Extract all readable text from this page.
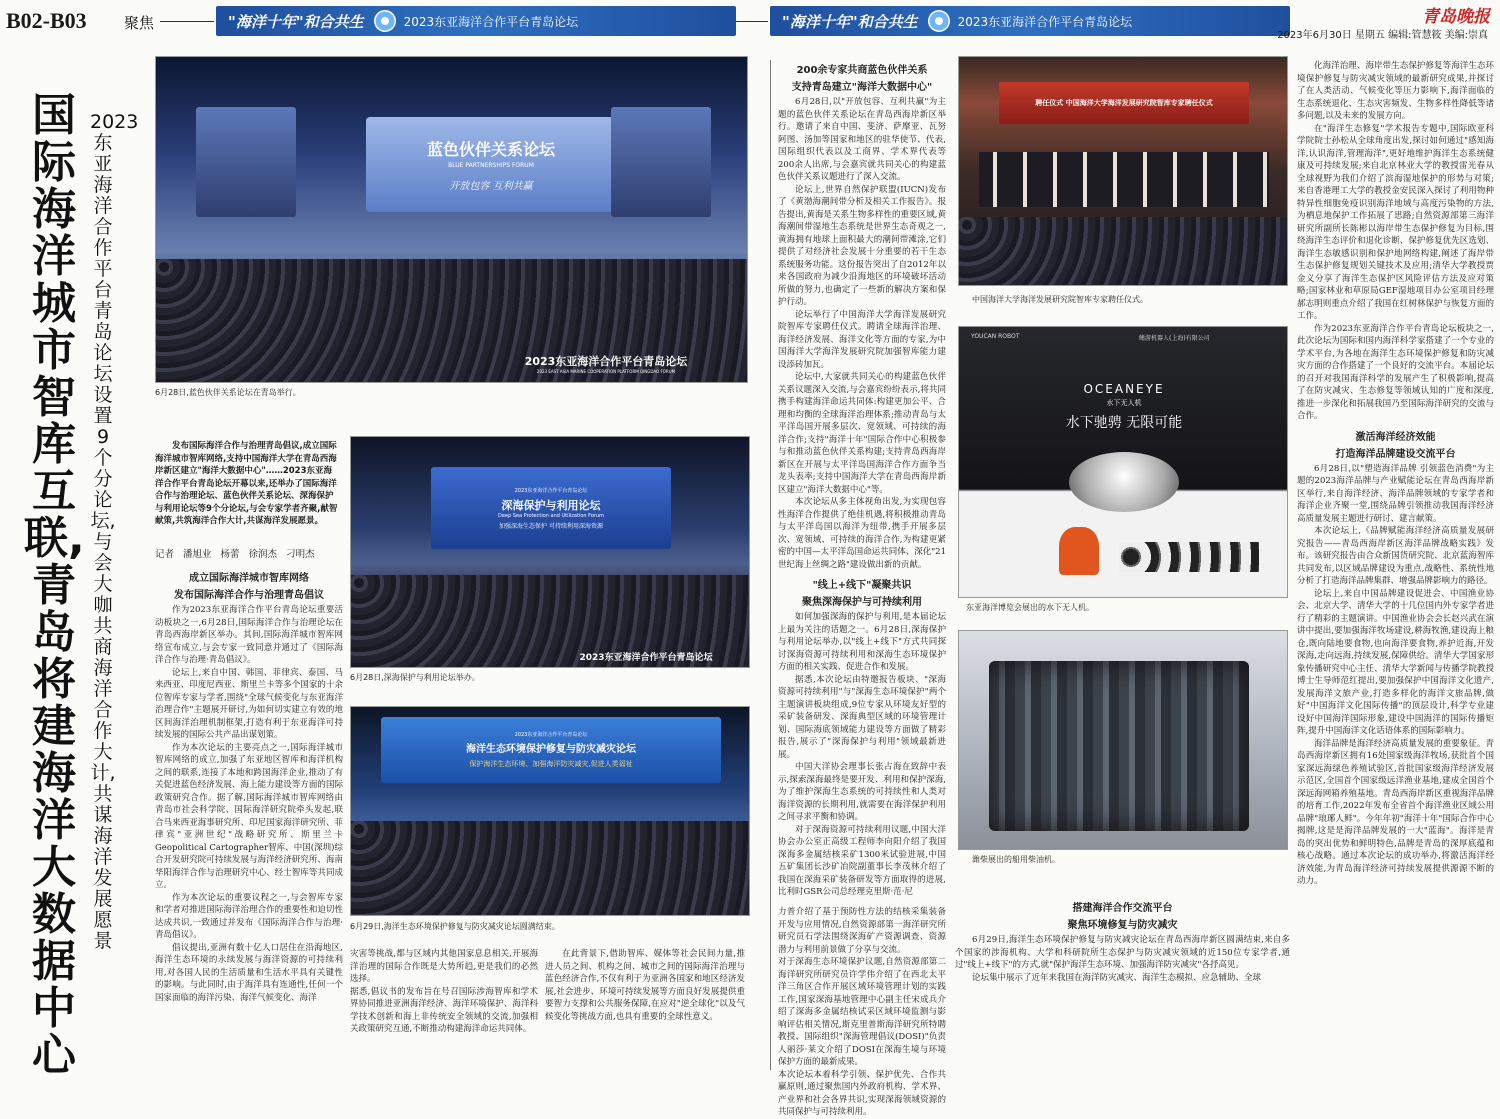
B02-B03 聚焦	"海洋十年"和合共生	2023东亚海洋合作平台青岛论坛	"海洋十年"和合共生	2023东亚海洋合作平台青岛论坛	青岛晚报
2023年6月30日 星期五 编辑:管慧筱 美编:崇真
国际海洋城市智库互联,青岛将建海洋大数据中心
2023东亚海洋合作平台青岛论坛设置9个分论坛,与会大咖共商海洋合作大计,共谋海洋发展愿景
蓝色伙伴关系论坛
BLUE PARTNERSHIPS FORUM
开放包容 互利共赢
2023东亚海洋合作平台青岛论坛
2023 EAST ASIA MARINE COOPERATION PLATFORM QINGDAO FORUM
6月28日,蓝色伙伴关系论坛在青岛举行。
2023东亚海洋合作平台青岛论坛
深海保护与利用论坛
Deep Sea Protection and Utilization Forum
加强深海生态保护 可持续利用深海资源
2023东亚海洋合作平台青岛论坛
6月28日,深海保护与利用论坛举办。
2023东亚海洋合作平台青岛论坛
海洋生态环境保护修复与防灾减灾论坛
保护海洋生态环境、加强海洋防灾减灾,促进人类福祉
6月29日,海洋生态环境保护修复与防灾减灾论坛圆满结束。
聘任仪式 中国海洋大学海洋发展研究院智库专家聘任仪式
中国海洋大学海洋发展研究院智库专家聘任仪式。
YOUCAN ROBOT	鳍游机器人(上海)有限公司
OCEANEYE
水下无人机
水下驰骋 无限可能
东亚海洋博览会展出的水下无人机。
潍柴展出的船用柴油机。
发布国际海洋合作与治理青岛倡议,成立国际海洋城市智库网络,支持中国海洋大学在青岛西海岸新区建立"海洋大数据中心"……2023东亚海洋合作平台青岛论坛开幕以来,还举办了国际海洋合作与治理论坛、蓝色伙伴关系论坛、深海保护与利用论坛等9个分论坛,与会专家学者齐聚,献智献策,共筑海洋合作大计,共谋海洋发展愿景。
记者 潘旭业 杨蕾 徐润杰 刁明杰
成立国际海洋城市智库网络
发布国际海洋合作与治理青岛倡议

作为2023东亚海洋合作平台青岛论坛重要活动板块之一,6月28日,国际海洋合作与治理论坛在青岛西海岸新区举办。其间,国际海洋城市智库网络宣布成立,与会专家一致同意并通过了《国际海洋合作与治理·青岛倡议》。

论坛上,来自中国、韩国、菲律宾、泰国、马来西亚、印度尼西亚、斯里兰卡等多个国家的十余位智库专家与学者,围绕"全球气候变化与东亚海洋治理合作"主题展开研讨,为如何切实建立有效的地区间海洋治理机制框架,打造有利于东亚海洋可持续发展的国际公共产品出谋划策。

作为本次论坛的主要亮点之一,国际海洋城市智库网络的成立,加强了东亚地区智库和海洋机构之间的联系,连接了本地和跨国海洋企业,推动了有关促进蓝色经济发展、海上能力建设等方面的国际政策研究合作。据了解,国际海洋城市智库网络由青岛市社会科学院、国际海洋研究院牵头发起,联合马来西亚海事研究所、印尼国家海洋研究所、菲律宾"亚洲世纪"战略研究所、斯里兰卡Geopolitical Cartographer智库、中国(深圳)综合开发研究院可持续发展与海洋经济研究所、海南华阳海洋合作与治理研究中心、经士智库等共同成立。

作为本次论坛的重要议程之一,与会智库专家和学者对推进国际海洋治理合作的重要性和迫切性达成共识,一致通过并发布《国际海洋合作与治理·青岛倡议》。

倡议提出,亚洲有数十亿人口居住在沿海地区,海洋生态环境的永续发展与海洋资源的可持续利用,对各国人民的生活质量和生活水平具有关键性的影响。与此同时,由于海洋具有连通性,任何一个国家面临的海洋污染、海洋气候变化、海洋

灾害等挑战,都与区域内其他国家息息相关,开展海洋治理的国际合作既是大势所趋,更是我们的必然选择。
据悉,倡议书的发布旨在号召国际涉海智库和学术界协同推进亚洲海洋经济、海洋环境保护、海洋科学技术创新和海上非传统安全领域的交流,加强相关政策研究互通,不断推动构建海洋命运共同体。
在此背景下,借助智库、媒体等社会民间力量,推进人员之间、机构之间、城市之间的国际海洋治理与蓝色经济合作,不仅有利于为亚洲各国家和地区经济发展,社会进步、环境可持续发展等方面良好发展提供重要智力支撑和公共服务保障,在应对"逆全球化"以及气候变化等挑战方面,也具有重要的全球性意义。
200余专家共商蓝色伙伴关系
支持青岛建立"海洋大数据中心"

6月28日,以"开放包容、互利共赢"为主题的蓝色伙伴关系论坛在青岛西海岸新区举行。邀请了来自中国、斐济、萨摩亚、瓦努阿图、汤加等国家和地区的驻华使节、代表,国际组织代表以及工商界、学术界代表等200余人出席,与会嘉宾就共同关心的构建蓝色伙伴关系议题进行了深入交流。

论坛上,世界自然保护联盟(IUCN)发布了《黄渤海潮间带分析及相关工作报告》。报告提出,黄海是关系生物多样性的重要区域,黄海潮间带湿地生态系统是世界生态奇观之一,黄海拥有地球上面积最大的潮间带滩涂,它们提供了对经济社会发展十分重要的若干生态系统服务功能。这份报告突出了自2012年以来各国政府为减少沿海地区的环境破坏活动所做的努力,也确定了一些新的解决方案和保护行动。

论坛举行了中国海洋大学海洋发展研究院智库专家聘任仪式。聘请全球海洋治理、海洋经济发展、海洋文化等方面的专家,为中国海洋大学海洋发展研究院加强智库能力建设添砖加瓦。

论坛中,大家就共同关心的构建蓝色伙伴关系议题深入交流,与会嘉宾纷纷表示,将共同携手构建海洋命运共同体:构建更加公平、合理和均衡的全球海洋治理体系;推动青岛与太平洋岛国开展多层次、宽领域、可持续的海洋合作;支持"海洋十年"国际合作中心积极参与和推动蓝色伙伴关系构建;支持青岛西海岸新区在开展与太平洋岛国海洋合作方面争当龙头表率;支持中国海洋大学在青岛西海岸新区建立"海洋大数据中心"等。

本次论坛从多主体视角出发,为实现包容性海洋合作提供了绝佳机遇,将积极推动青岛与太平洋岛国以海洋为纽带,携手开展多层次、宽领域、可持续的海洋合作,为构建更紧密的中国—太平洋岛国命运共同体、深化"21世纪海上丝绸之路"建设做出新的贡献。

"线上+线下"凝聚共识
聚焦深海保护与可持续利用

如何加强深海的保护与利用,是本届论坛上最为关注的话题之一。6月28日,深海保护与利用论坛举办,以"线上+线下"方式共同探讨深海资源可持续利用和深海生态环境保护方面的相关实践、促进合作和发展。

据悉,本次论坛由特邀报告板块、"深海资源可持续利用"与"深海生态环境保护"两个主题演讲板块组成,9位专家从环境友好型的采矿装备研发、深海典型区域的环境管理计划、国际海底领域能力建设等方面做了精彩报告,展示了"深海保护与利用"领域最新进展。

中国大洋协会理事长张占海在致辞中表示,探索深海最终是要开发、利用和保护深海,为了维护深海生态系统的可持续性和人类对海洋资源的长期利用,就需要在海洋保护利用之间寻求平衡和协调。

对于深海资源可持续利用议题,中国大洋协会办公室正高级工程师李向阳介绍了我国深海多金属结核采矿1300米试验进展,中国五矿集团长沙矿冶院副董事长李茂林介绍了我国在深海采矿装备研发等方面取得的进展,比利时GSR公司总经理克里斯·范·尼

力普介绍了基于预防性方法的结核采集装备开发与应用情况,自然资源部第一海洋研究所研究员石学法围绕深海矿产资源调查、资源潜力与利用前景做了分享与交流。
对于深海生态环境保护议题,自然资源部第二海洋研究所研究员许学伟介绍了在西北太平洋三角区合作开展区域环境管理计划的实践工作,国家深海基地管理中心副主任宋成兵介绍了深海多金属结核试采区域环境监测与影响评估相关情况,斯克里普斯海洋研究所特聘教授、国际组织"深海管理倡议(DOSI)"负责人丽莎·莱文介绍了DOSI在深海生境与环境保护方面的最新成果。
本次论坛本着科学引领、保护优先、合作共赢原则,通过聚焦国内外政府机构、学术界、产业界和社会各界共识,实现深海领域资源的共同保护与可持续利用。
搭建海洋合作交流平台
聚焦环境修复与防灾减灾

6月29日,海洋生态环境保护修复与防灾减灾论坛在青岛西海岸新区圆满结束,来自多个国家的涉海机构、大学和科研院所生态保护与防灾减灾领域的近150位专家学者,通过"线上+线下"的方式,就"保护海洋生态环境、加强海洋防灾减灾"各抒高见。

论坛集中展示了近年来我国在海洋防灾减灾、海洋生态模拟、应急辅助、全球

化海洋治理、海岸带生态保护修复等海洋生态环境保护修复与防灾减灾领域的最新研究成果,并探讨了在人类活动、气候变化等压力影响下,海洋面临的生态系统退化、生态灾害频发、生物多样性降低等诸多问题,以及未来的发展方向。

在"海洋生态修复"学术报告专题中,国际欧亚科学院院士孙松从全球角度出发,探讨如何通过"感知海洋,认识海洋,管理海洋",更好地维护海洋生态系统健康及可持续发展;来自北京林业大学的教授雷光春从全球视野为我们介绍了滨海湿地保护的形势与对策;来自香港理工大学的教授金安民深入探讨了利用物种特异性细胞免疫识别海洋地域与高度污染物的方法,为栖息地保护工作拓展了思路;自然资源部第三海洋研究所副所长陈彬以海岸带生态保护修复为目标,围绕海洋生态评价和退化诊断、保护修复优先区选划、海洋生态敏感识别和保护地网络构建,阐述了海岸带生态保护修复规划关键技术及应用;清华大学教授贾金义分享了海洋生态保护区风险评估方法及应对策略;国家林业和草原局GEF湿地项目办公室项目经理郝志明则重点介绍了我国在红树林保护与恢复方面的工作。

作为2023东亚海洋合作平台青岛论坛板块之一,此次论坛为国际和国内海洋科学家搭建了一个专业的学术平台,为各地在海洋生态环境保护修复和防灾减灾方面的合作搭建了一个良好的交流平台。本届论坛的召开对我国海洋科学的发展产生了积极影响,提高了在防灾减灾、生态修复等领域认知的广度和深度,推进一步深化和拓展我国乃至国际海洋研究的交流与合作。

激活海洋经济效能
打造海洋品牌建设交流平台

6月28日,以"塑造海洋品牌 引领蓝色消费"为主题的2023海洋品牌与产业赋能论坛在青岛西海岸新区举行,来自海洋经济、海洋品牌领域的专家学者和海洋企业齐聚一堂,围绕品牌引领推动我国海洋经济高质量发展主题进行研讨、建言献策。

本次论坛上,《品牌赋能海洋经济高质量发展研究报告——青岛西海岸新区海洋品牌战略实践》发布。该研究报告由合众新国货研究院、北京蓝海智库共同发布,以区域品牌建设为重点,战略性、系统性地分析了打造海洋品牌集群、增强品牌影响力的路径。

论坛上,来自中国品牌建设促进会、中国渔业协会、北京大学、清华大学的十几位国内外专家学者进行了精彩的主题演讲。中国渔业协会会长赵兴武在演讲中提出,要加强海洋牧场建设,耕海牧渔,建设海上粮仓,既向陆地要食物,也向海洋要食物,养护近海,开发深海,走向远海,持续发展,保障供给。清华大学国家形象传播研究中心主任、清华大学新闻与传播学院教授博士生导师范红提出,要加强保护中国海洋文化遗产,发展海洋文旅产业,打造多样化的海洋文旅品牌,做好"中国海洋文化国际传播"的顶层设计,科学专业建设好中国海洋国际形象,建设中国海洋的国际传播矩阵,提升中国海洋文化话语体系的国际影响力。

海洋品牌是海洋经济高质量发展的重要象征。青岛西海岸新区拥有16处国家级海洋牧场,获批首个国家深远海绿色养殖试验区,首批国家级海洋经济发展示范区,全国首个国家级远洋渔业基地,建成全国首个深远海网箱养殖基地。青岛西海岸新区重视海洋品牌的培育工作,2022年发布全省首个海洋渔业区域公用品牌"琅琊人鲜"。今年年初"海洋十年"国际合作中心揭牌,这是是海洋品牌发展的一大"蓝海"。海洋是青岛的突出优势和鲜明特色,品牌是青岛的深厚底蕴和核心战略。通过本次论坛的成功举办,将激活海洋经济效能,为青岛海洋经济可持续发展提供源源不断的动力。
